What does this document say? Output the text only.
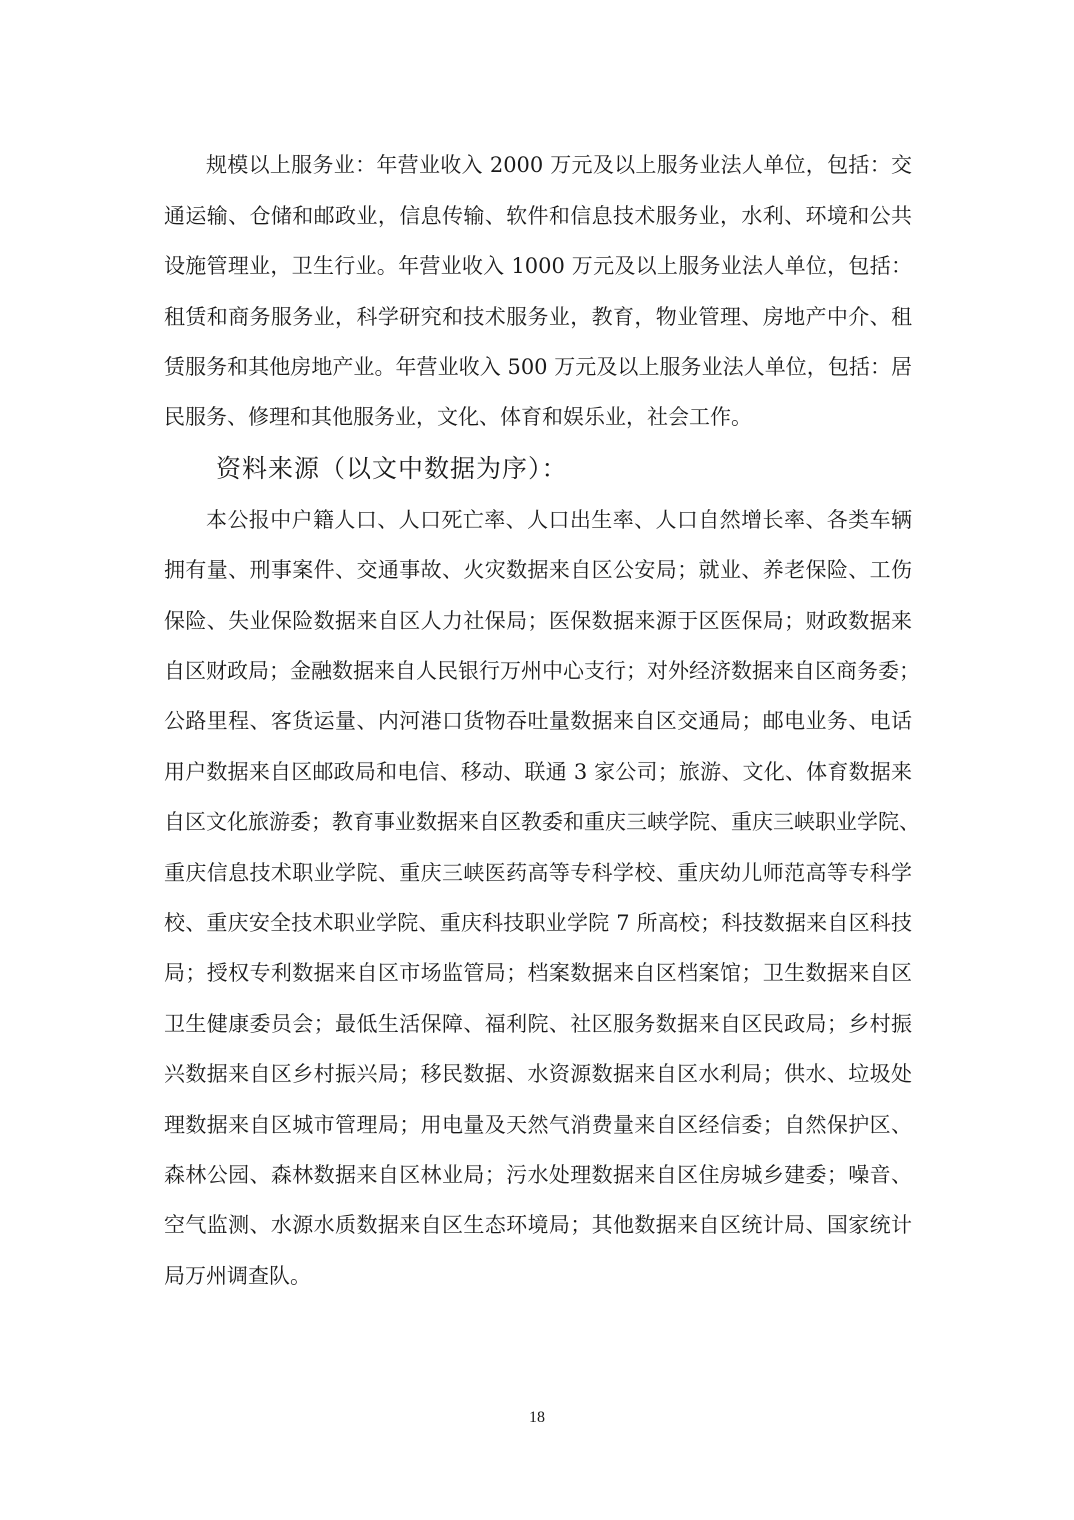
规模以上服务业：年营业收入 2000 万元及以上服务业法人单位，包括：交
通运输、仓储和邮政业，信息传输、软件和信息技术服务业，水利、环境和公共
设施管理业，卫生行业。年营业收入 1000 万元及以上服务业法人单位，包括：
租赁和商务服务业，科学研究和技术服务业，教育，物业管理、房地产中介、租
赁服务和其他房地产业。年营业收入 500 万元及以上服务业法人单位，包括：居
民服务、修理和其他服务业，文化、体育和娱乐业，社会工作。
资料来源（以文中数据为序）：
本公报中户籍人口、人口死亡率、人口出生率、人口自然增长率、各类车辆
拥有量、刑事案件、交通事故、火灾数据来自区公安局；就业、养老保险、工伤
保险、失业保险数据来自区人力社保局；医保数据来源于区医保局；财政数据来
自区财政局；金融数据来自人民银行万州中心支行；对外经济数据来自区商务委；
公路里程、客货运量、内河港口货物吞吐量数据来自区交通局；邮电业务、电话
用户数据来自区邮政局和电信、移动、联通 3 家公司；旅游、文化、体育数据来
自区文化旅游委；教育事业数据来自区教委和重庆三峡学院、重庆三峡职业学院、
重庆信息技术职业学院、重庆三峡医药高等专科学校、重庆幼儿师范高等专科学
校、重庆安全技术职业学院、重庆科技职业学院 7 所高校；科技数据来自区科技
局；授权专利数据来自区市场监管局；档案数据来自区档案馆；卫生数据来自区
卫生健康委员会；最低生活保障、福利院、社区服务数据来自区民政局；乡村振
兴数据来自区乡村振兴局；移民数据、水资源数据来自区水利局；供水、垃圾处
理数据来自区城市管理局；用电量及天然气消费量来自区经信委；自然保护区、
森林公园、森林数据来自区林业局；污水处理数据来自区住房城乡建委；噪音、
空气监测、水源水质数据来自区生态环境局；其他数据来自区统计局、国家统计
局万州调查队。
18
